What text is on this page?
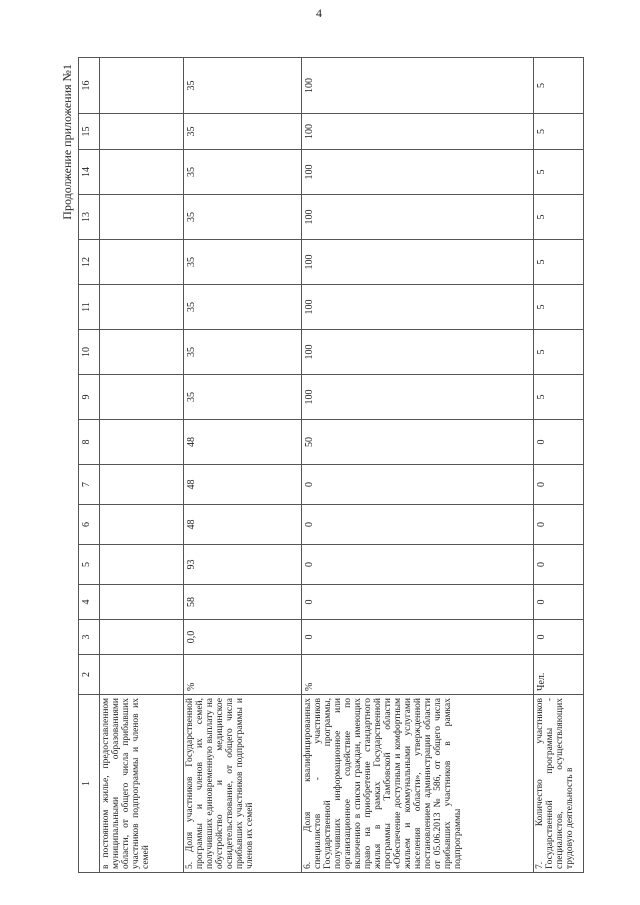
4
Продолжение приложения №1
1	2	3	4	5	6	7	8	9	10	11	12	13	14	15	16
в постоянном жилье, предоставленном муниципальными образованиями области, от общего числа прибывших участников подпрограммы и членов их семей															
5. Доля участников Государственной программы и членов их семей, получивших единовременную выплату на обустройство и медицинское освидетельствование, от общего числа прибывших участников подпрограммы и членов их семей	%	0,0	58	93	48	48	48	35	35	35	35	35	35	35	35
6. Доля квалифицированных специалистов - участников Государственной программы, получивших информационное или организационное содействие по включению в списки граждан, имеющих право на приобретение стандартного жилья в рамках Государственной программы Тамбовской области «Обеспечение доступным и комфортным жильем и коммунальными услугами населения области», утвержденной постановлением администрации области от 05.06.2013 № 586, от общего числа прибывших участников в рамках подпрограммы	%	0	0	0	0	0	50	100	100	100	100	100	100	100	100
7. Количество участников Государственной программы - специалистов, осуществляющих трудовую деятельность в	Чел.	0	0	0	0	0	0	5	5	5	5	5	5	5	5
